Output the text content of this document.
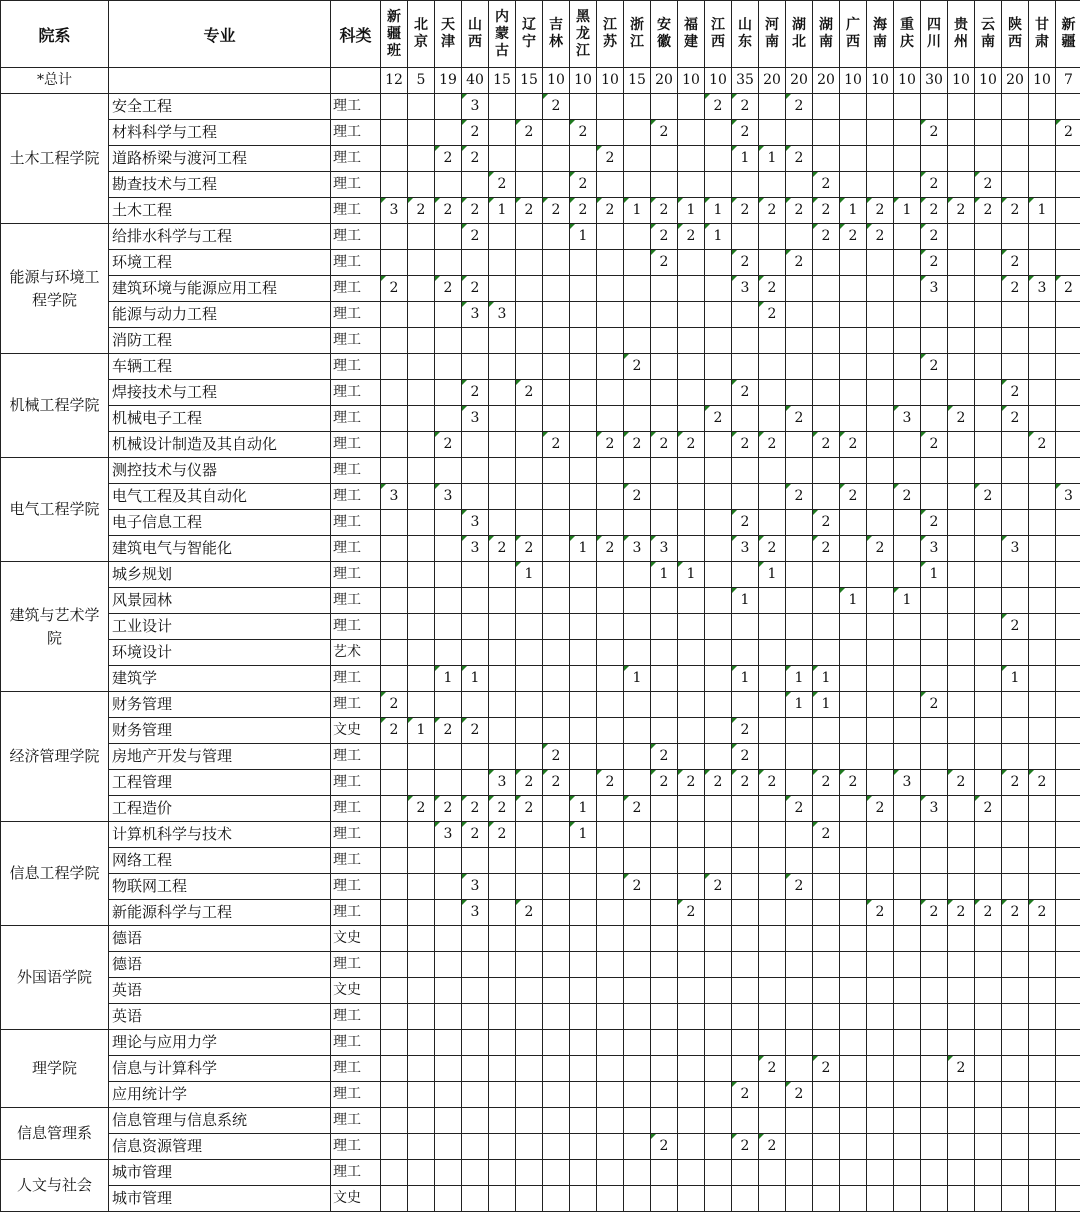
院系	专业	科类	新疆班	北京	天津	山西	内蒙古	辽宁	吉林	黑龙江	江苏	浙江	安徽	福建	江西	山东	河南	湖北	湖南	广西	海南	重庆	四川	贵州	云南	陕西	甘肃	新疆
*总计			12	5	19	40	15	15	10	10	10	15	20	10	10	35	20	20	20	10	10	10	30	10	10	20	10	7
土木工程学院	安全工程	理工				3			2						2	2		2										
	材料科学与工程	理工				2		2		2			2			2							2					2
	道路桥梁与渡河工程	理工			2	2					2					1	1	2										
	勘查技术与工程	理工					2			2									2				2		2			
	土木工程	理工	3	2	2	2	1	2	2	2	2	1	2	1	1	2	2	2	2	1	2	1	2	2	2	2	1	
能源与环境工程学院	给排水科学与工程	理工				2				1			2	2	1				2	2	2		2					
	环境工程	理工											2			2		2					2			2		
	建筑环境与能源应用工程	理工	2		2	2										3	2						3			2	3	2
	能源与动力工程	理工				3	3										2											
	消防工程	理工																										
机械工程学院	车辆工程	理工										2											2					
	焊接技术与工程	理工				2		2								2										2		
	机械电子工程	理工				3									2			2				3		2		2		
	机械设计制造及其自动化	理工			2				2		2	2	2	2		2	2		2	2			2				2	
电气工程学院	测控技术与仪器	理工																										
	电气工程及其自动化	理工	3		3							2						2		2		2			2			3
	电子信息工程	理工				3										2			2				2					
	建筑电气与智能化	理工				3	2	2		1	2	3	3			3	2		2		2		3			3		
建筑与艺术学院	城乡规划	理工						1					1	1			1						1					
	风景园林	理工														1				1		1						
	工业设计	理工																								2		
	环境设计	艺术																										
	建筑学	理工			1	1						1				1		1	1							1		
经济管理学院	财务管理	理工	2															1	1				2					
	财务管理	文史	2	1	2	2										2												
	房地产开发与管理	理工							2				2			2												
	工程管理	理工					3	2	2		2		2	2	2	2	2		2	2		3		2		2	2	
	工程造价	理工		2	2	2	2	2		1		2						2			2		3		2			
信息工程学院	计算机科学与技术	理工			3	2	2			1									2									
	网络工程	理工																										
	物联网工程	理工				3						2			2			2										
	新能源科学与工程	理工				3		2						2							2		2	2	2	2	2	
外国语学院	德语	文史																										
	德语	理工																										
	英语	文史																										
	英语	理工																										
理学院	理论与应用力学	理工																										
	信息与计算科学	理工															2		2					2				
	应用统计学	理工														2		2										
信息管理系	信息管理与信息系统	理工																										
	信息资源管理	理工											2			2	2											
人文与社会	城市管理	理工																										
	城市管理	文史																										
